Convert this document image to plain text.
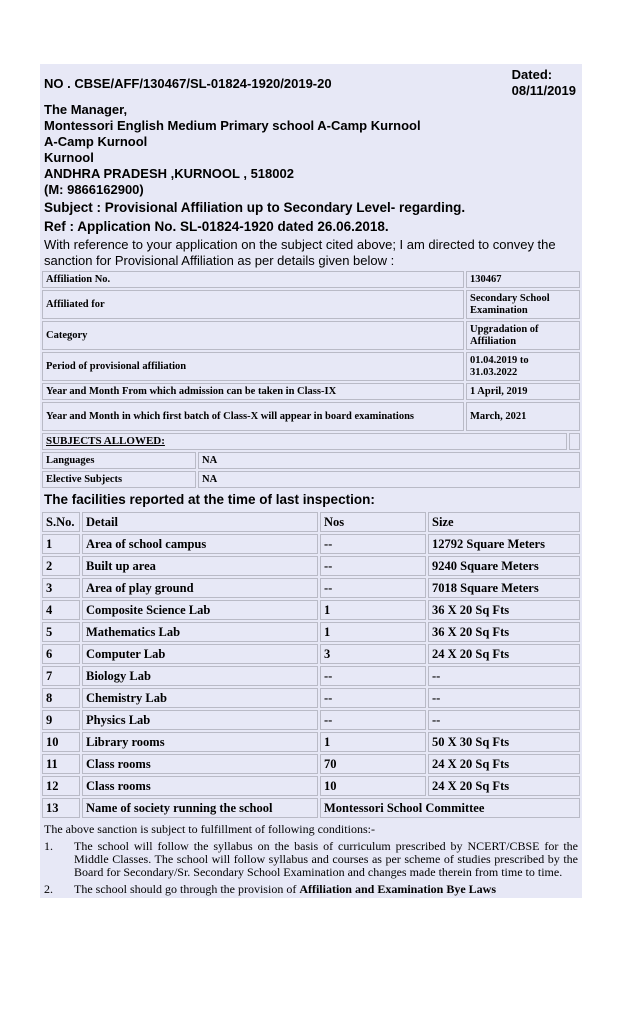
NO . CBSE/AFF/130467/SL-01824-1920/2019-20
Dated:
08/11/2019
The Manager,
Montessori English Medium Primary school A-Camp Kurnool
A-Camp Kurnool
Kurnool
ANDHRA PRADESH ,KURNOOL , 518002
(M: 9866162900)
Subject : Provisional Affiliation up to Secondary Level- regarding.
Ref : Application No. SL-01824-1920 dated 26.06.2018.
With reference to your application on the subject cited above; I am directed to convey the sanction for Provisional Affiliation as per details given below :
Affiliation No.	130467
Affiliated for	Secondary School Examination
Category	Upgradation of Affiliation
Period of provisional affiliation	01.04.2019 to 31.03.2022
Year and Month From which admission can be taken in Class-IX	1 April, 2019
Year and Month in which first batch of Class-X will appear in board examinations	March, 2021
SUBJECTS ALLOWED:		
Languages	NA	
Elective Subjects	NA	
The facilities reported at the time of last inspection:
S.No.	Detail	Nos	Size
1	Area of school campus	--	12792 Square Meters
2	Built up area	--	9240 Square Meters
3	Area of play ground	--	7018 Square Meters
4	Composite Science Lab	1	36 X 20 Sq Fts
5	Mathematics Lab	1	36 X 20 Sq Fts
6	Computer Lab	3	24 X 20 Sq Fts
7	Biology Lab	--	--
8	Chemistry Lab	--	--
9	Physics Lab	--	--
10	Library rooms	1	50 X 30 Sq Fts
11	Class rooms	70	24 X 20 Sq Fts
12	Class rooms	10	24 X 20 Sq Fts
13	Name of society running the school	Montessori School Committee	
The above sanction is subject to fulfillment of following conditions:-
1.	The school will follow the syllabus on the basis of curriculum prescribed by NCERT/CBSE for the Middle Classes. The school will follow syllabus and courses as per scheme of studies prescribed by the Board for Secondary/Sr. Secondary School Examination and changes made therein from time to time.
2.	The school should go through the provision of Affiliation and Examination Bye Laws
